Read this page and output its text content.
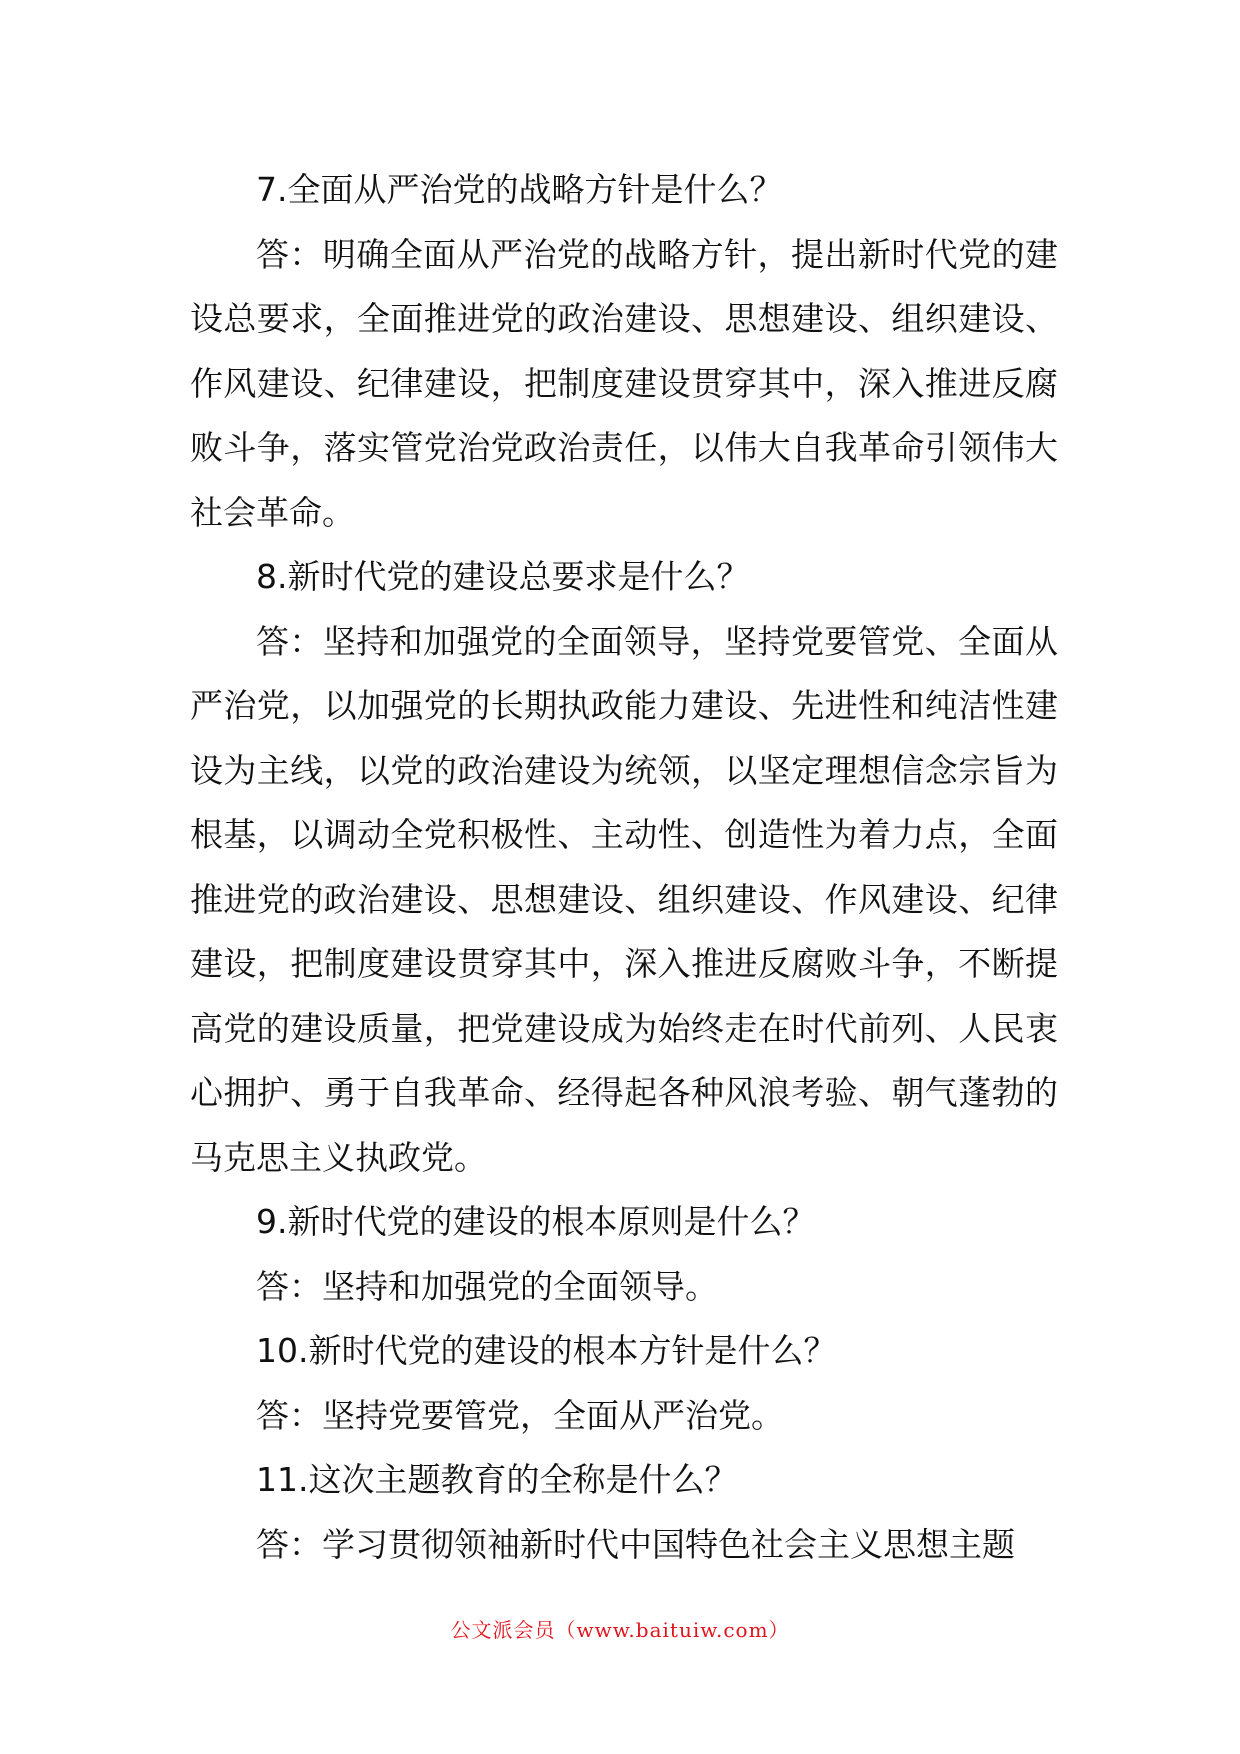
7.全面从严治党的战略方针是什么？

答：明确全面从严治党的战略方针，提出新时代党的建设总要求，全面推进党的政治建设、思想建设、组织建设、作风建设、纪律建设，把制度建设贯穿其中，深入推进反腐败斗争，落实管党治党政治责任，以伟大自我革命引领伟大社会革命。

8.新时代党的建设总要求是什么？

答：坚持和加强党的全面领导，坚持党要管党、全面从严治党，以加强党的长期执政能力建设、先进性和纯洁性建设为主线，以党的政治建设为统领，以坚定理想信念宗旨为根基，以调动全党积极性、主动性、创造性为着力点，全面推进党的政治建设、思想建设、组织建设、作风建设、纪律建设，把制度建设贯穿其中，深入推进反腐败斗争，不断提高党的建设质量，把党建设成为始终走在时代前列、人民衷心拥护、勇于自我革命、经得起各种风浪考验、朝气蓬勃的马克思主义执政党。

9.新时代党的建设的根本原则是什么？

答：坚持和加强党的全面领导。

10.新时代党的建设的根本方针是什么？

答：坚持党要管党，全面从严治党。

11.这次主题教育的全称是什么？

答：学习贯彻领袖新时代中国特色社会主义思想主题

公文派会员（www.baituiw.com）
